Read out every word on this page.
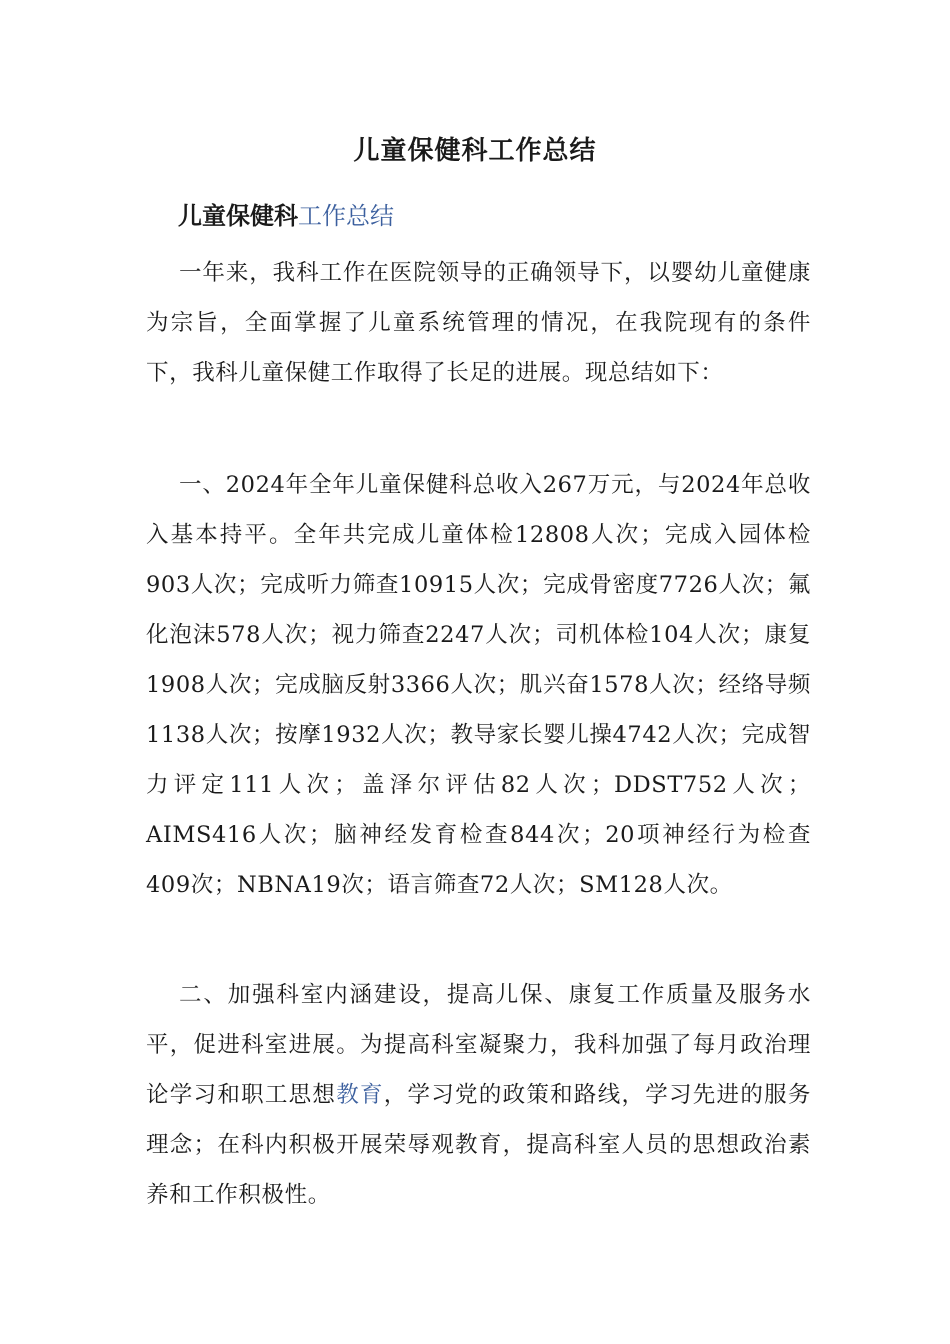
儿童保健科工作总结

儿童保健科工作总结

一年来，我科工作在医院领导的正确领导下，以婴幼儿童健康为宗旨，全面掌握了儿童系统管理的情况，在我院现有的条件下，我科儿童保健工作取得了长足的进展。现总结如下：

一、2024年全年儿童保健科总收入267万元，与2024年总收入基本持平。全年共完成儿童体检12808人次；完成入园体检903人次；完成听力筛查10915人次；完成骨密度7726人次；氟化泡沫578人次；视力筛查2247人次；司机体检104人次；康复1908人次；完成脑反射3366人次；肌兴奋1578人次；经络导频1138人次；按摩1932人次；教导家长婴儿操4742人次；完成智力评定111人次；盖泽尔评估82人次；DDST752人次；AIMS416人次；脑神经发育检查844次；20项神经行为检查409次；NBNA19次；语言筛查72人次；SM128人次。

二、加强科室内涵建设，提高儿保、康复工作质量及服务水平，促进科室进展。为提高科室凝聚力，我科加强了每月政治理论学习和职工思想教育，学习党的政策和路线，学习先进的服务理念；在科内积极开展荣辱观教育，提高科室人员的思想政治素养和工作积极性。
